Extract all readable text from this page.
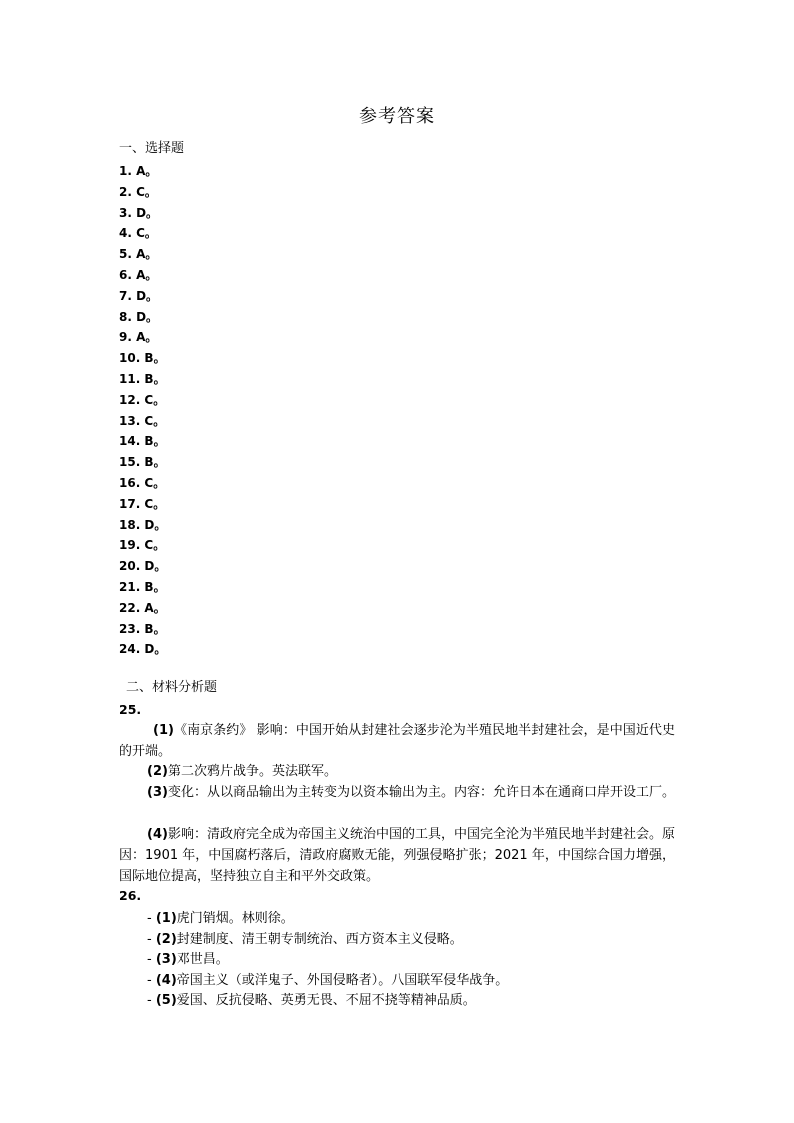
参考答案
一、选择题
1. A。
2. C。
3. D。
4. C。
5. A。
6. A。
7. D。
8. D。
9. A。
10. B。
11. B。
12. C。
13. C。
14. B。
15. B。
16. C。
17. C。
18. D。
19. C。
20. D。
21. B。
22. A。
23. B。
24. D。
二、材料分析题
25.
(1)《南京条约》 影响：中国开始从封建社会逐步沦为半殖民地半封建社会，是中国近代史的开端。
(2)第二次鸦片战争。英法联军。
(3)变化：从以商品输出为主转变为以资本输出为主。内容：允许日本在通商口岸开设工厂。
(4)影响：清政府完全成为帝国主义统治中国的工具，中国完全沦为半殖民地半封建社会。原因：1901 年，中国腐朽落后，清政府腐败无能，列强侵略扩张；2021 年，中国综合国力增强，国际地位提高，坚持独立自主和平外交政策。
26.
- (1)虎门销烟。林则徐。
- (2)封建制度、清王朝专制统治、西方资本主义侵略。
- (3)邓世昌。
- (4)帝国主义（或洋鬼子、外国侵略者）。八国联军侵华战争。
- (5)爱国、反抗侵略、英勇无畏、不屈不挠等精神品质。
